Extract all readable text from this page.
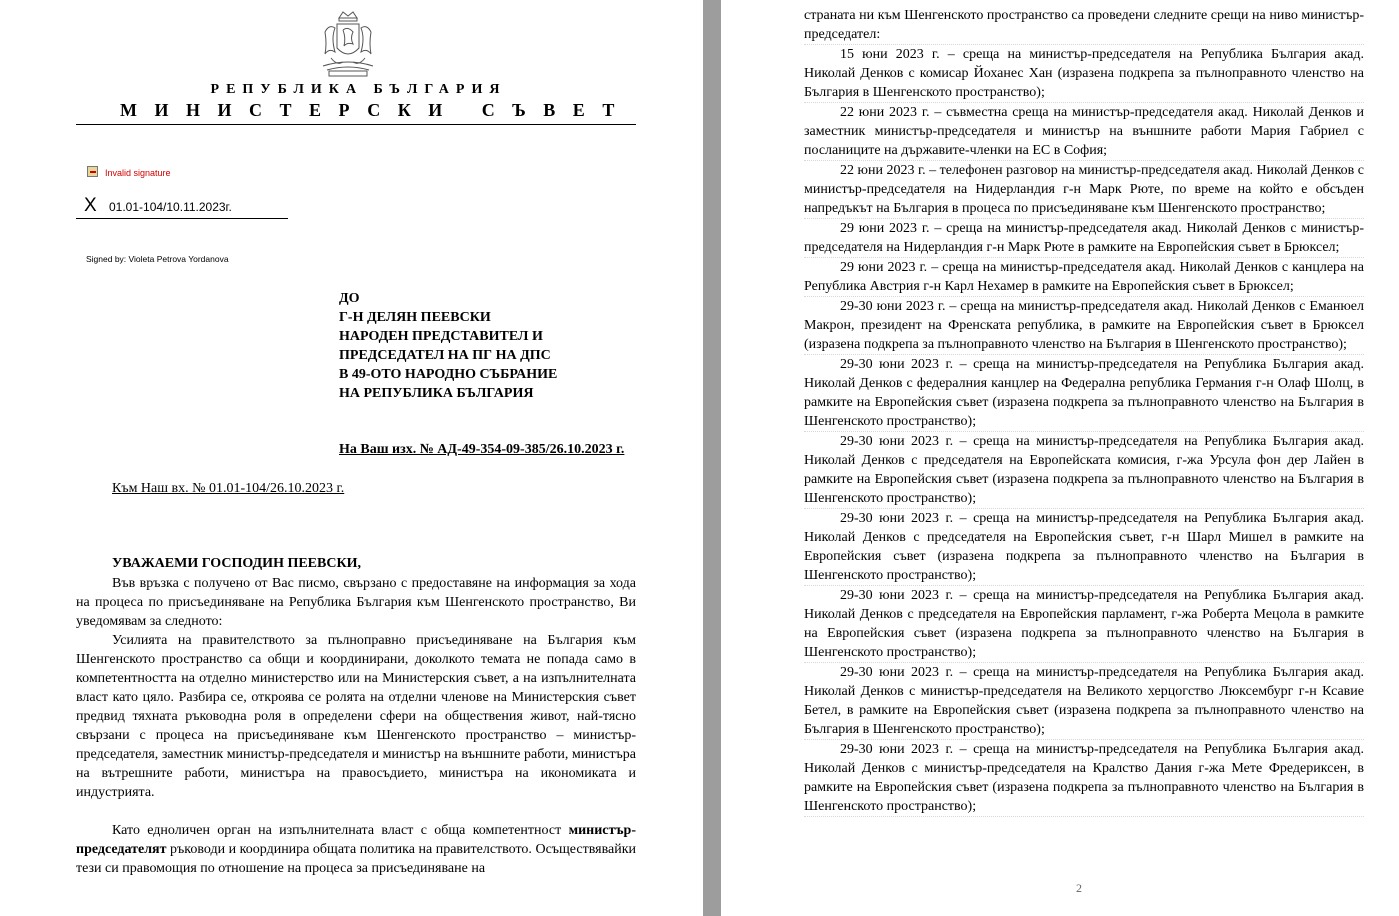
РЕПУБЛИКА БЪЛГАРИЯ
МИНИСТЕРСКИ СЪВЕТ
Invalid signature
X 01.01-104/10.11.2023г.
Signed by: Violeta Petrova Yordanova
ДО
Г-Н ДЕЛЯН ПЕЕВСКИ
НАРОДЕН ПРЕДСТАВИТЕЛ И
ПРЕДСЕДАТЕЛ НА ПГ НА ДПС
В 49-ОТО НАРОДНО СЪБРАНИЕ
НА РЕПУБЛИКА БЪЛГАРИЯ
На Ваш изх. № АД-49-354-09-385/26.10.2023 г.
Към Наш вх. № 01.01-104/26.10.2023 г.
УВАЖАЕМИ ГОСПОДИН ПЕЕВСКИ,

Във връзка с получено от Вас писмо, свързано с предоставяне на информация за хода на процеса по присъединяване на Република България към Шенгенското пространство, Ви уведомявам за следното:

Усилията на правителството за пълноправно присъединяване на България към Шенгенското пространство са общи и координирани, доколкото темата не попада само в компетентността на отделно министерство или на Министерския съвет, а на изпълнителната власт като цяло. Разбира се, откроява се ролята на отделни членове на Министерския съвет предвид тяхната ръководна роля в определени сфери на обществения живот, най-тясно свързани с процеса на присъединяване към Шенгенското пространство – министър-председателя, заместник министър-председателя и министър на външните работи, министъра на вътрешните работи, министъра на правосъдието, министъра на икономиката и индустрията.

Като едноличен орган на изпълнителната власт с обща компетентност министър-председателят ръководи и координира общата политика на правителството. Осъществявайки тези си правомощия по отношение на процеса за присъединяване на

страната ни към Шенгенското пространство са проведени следните срещи на ниво министър-председател:

15 юни 2023 г. – среща на министър-председателя на Република България акад. Николай Денков с комисар Йоханес Хан (изразена подкрепа за пълноправното членство на България в Шенгенското пространство);

22 юни 2023 г. – съвместна среща на министър-председателя акад. Николай Денков и заместник министър-председателя и министър на външните работи Мария Габриел с посланиците на държавите-членки на ЕС в София;

22 юни 2023 г. – телефонен разговор на министър-председателя акад. Николай Денков с министър-председателя на Нидерландия г-н Марк Рюте, по време на който е обсъден напредъкът на България в процеса по присъединяване към Шенгенското пространство;

29 юни 2023 г. – среща на министър-председателя акад. Николай Денков с министър-председателя на Нидерландия г-н Марк Рюте в рамките на Европейския съвет в Брюксел;

29 юни 2023 г. – среща на министър-председателя акад. Николай Денков с канцлера на Република Австрия г-н Карл Нехамер в рамките на Европейския съвет в Брюксел;

29-30 юни 2023 г. – среща на министър-председателя акад. Николай Денков с Еманюел Макрон, президент на Френската република, в рамките на Европейския съвет в Брюксел (изразена подкрепа за пълноправното членство на България в Шенгенското пространство);

29-30 юни 2023 г. – среща на министър-председателя на Република България акад. Николай Денков с федералния канцлер на Федерална република Германия г-н Олаф Шолц, в рамките на Европейския съвет (изразена подкрепа за пълноправното членство на България в Шенгенското пространство);

29-30 юни 2023 г. – среща на министър-председателя на Република България акад. Николай Денков с председателя на Европейската комисия, г-жа Урсула фон дер Лайен в рамките на Европейския съвет (изразена подкрепа за пълноправното членство на България в Шенгенското пространство);

29-30 юни 2023 г. – среща на министър-председателя на Република България акад. Николай Денков с председателя на Европейския съвет, г-н Шарл Мишел в рамките на Европейския съвет (изразена подкрепа за пълноправното членство на България в Шенгенското пространство);

29-30 юни 2023 г. – среща на министър-председателя на Република България акад. Николай Денков с председателя на Европейския парламент, г-жа Роберта Мецола в рамките на Европейския съвет (изразена подкрепа за пълноправното членство на България в Шенгенското пространство);

29-30 юни 2023 г. – среща на министър-председателя на Република България акад. Николай Денков с министър-председателя на Великото херцогство Люксембург г-н Ксавие Бетел, в рамките на Европейския съвет (изразена подкрепа за пълноправното членство на България в Шенгенското пространство);

29-30 юни 2023 г. – среща на министър-председателя на Република България акад. Николай Денков с министър-председателя на Кралство Дания г-жа Мете Фредериксен, в рамките на Европейския съвет (изразена подкрепа за пълноправното членство на България в Шенгенското пространство);

2
